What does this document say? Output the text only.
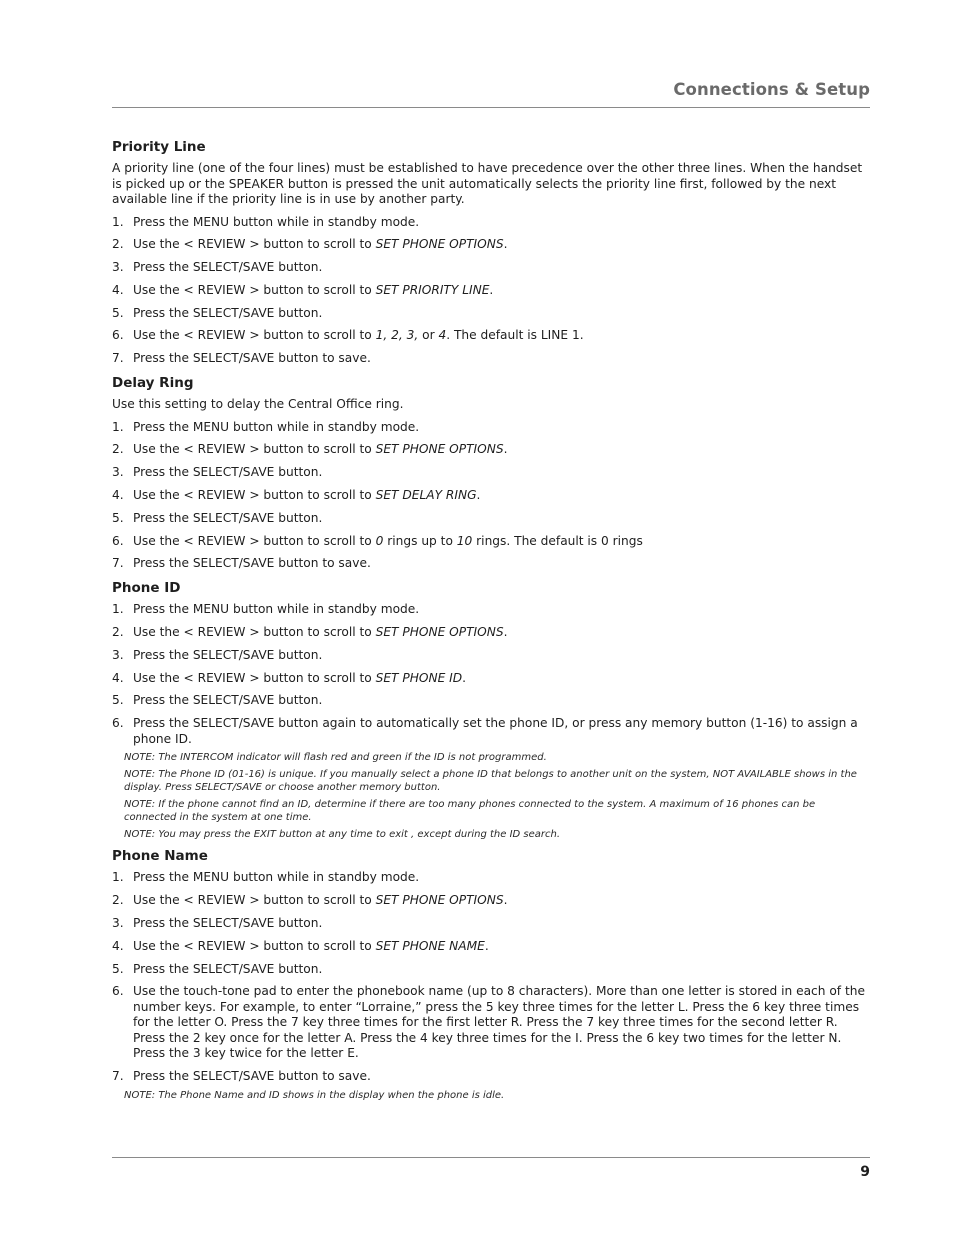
Connections & Setup
Priority Line

A priority line (one of the four lines) must be established to have precedence over the other three lines. When the handset is picked up or the SPEAKER button is pressed the unit automatically selects the priority line first, followed by the next available line if the priority line is in use by another party.

1. Press the MENU button while in standby mode.
2. Use the < REVIEW > button to scroll to SET PHONE OPTIONS.
3. Press the SELECT/SAVE button.
4. Use the < REVIEW > button to scroll to SET PRIORITY LINE.
5. Press the SELECT/SAVE button.
6. Use the < REVIEW > button to scroll to 1, 2, 3, or 4. The default is LINE 1.
7. Press the SELECT/SAVE button to save.
Delay Ring

Use this setting to delay the Central Office ring.

1. Press the MENU button while in standby mode.
2. Use the < REVIEW > button to scroll to SET PHONE OPTIONS.
3. Press the SELECT/SAVE button.
4. Use the < REVIEW > button to scroll to SET DELAY RING.
5. Press the SELECT/SAVE button.
6. Use the < REVIEW > button to scroll to 0 rings up to 10 rings. The default is 0 rings
7. Press the SELECT/SAVE button to save.
Phone ID
1. Press the MENU button while in standby mode.
2. Use the < REVIEW > button to scroll to SET PHONE OPTIONS.
3. Press the SELECT/SAVE button.
4. Use the < REVIEW > button to scroll to SET PHONE ID.
5. Press the SELECT/SAVE button.
6. Press the SELECT/SAVE button again to automatically set the phone ID, or press any memory button (1-16) to assign a phone ID.

NOTE: The INTERCOM indicator will flash red and green if the ID is not programmed.

NOTE: The Phone ID (01-16) is unique. If you manually select a phone ID that belongs to another unit on the system, NOT AVAILABLE shows in the display. Press SELECT/SAVE or choose another memory button.

NOTE: If the phone cannot find an ID, determine if there are too many phones connected to the system. A maximum of 16 phones can be connected in the system at one time.

NOTE: You may press the EXIT button at any time to exit , except during the ID search.

Phone Name
1. Press the MENU button while in standby mode.
2. Use the < REVIEW > button to scroll to SET PHONE OPTIONS.
3. Press the SELECT/SAVE button.
4. Use the < REVIEW > button to scroll to SET PHONE NAME.
5. Press the SELECT/SAVE button.
6. Use the touch-tone pad to enter the phonebook name (up to 8 characters). More than one letter is stored in each of the number keys. For example, to enter “Lorraine,” press the 5 key three times for the letter L. Press the 6 key three times for the letter O. Press the 7 key three times for the first letter R. Press the 7 key three times for the second letter R. Press the 2 key once for the letter A. Press the 4 key three times for the I. Press the 6 key two times for the letter N. Press the 3 key twice for the letter E.
7. Press the SELECT/SAVE button to save.

NOTE: The Phone Name and ID shows in the display when the phone is idle.

9
